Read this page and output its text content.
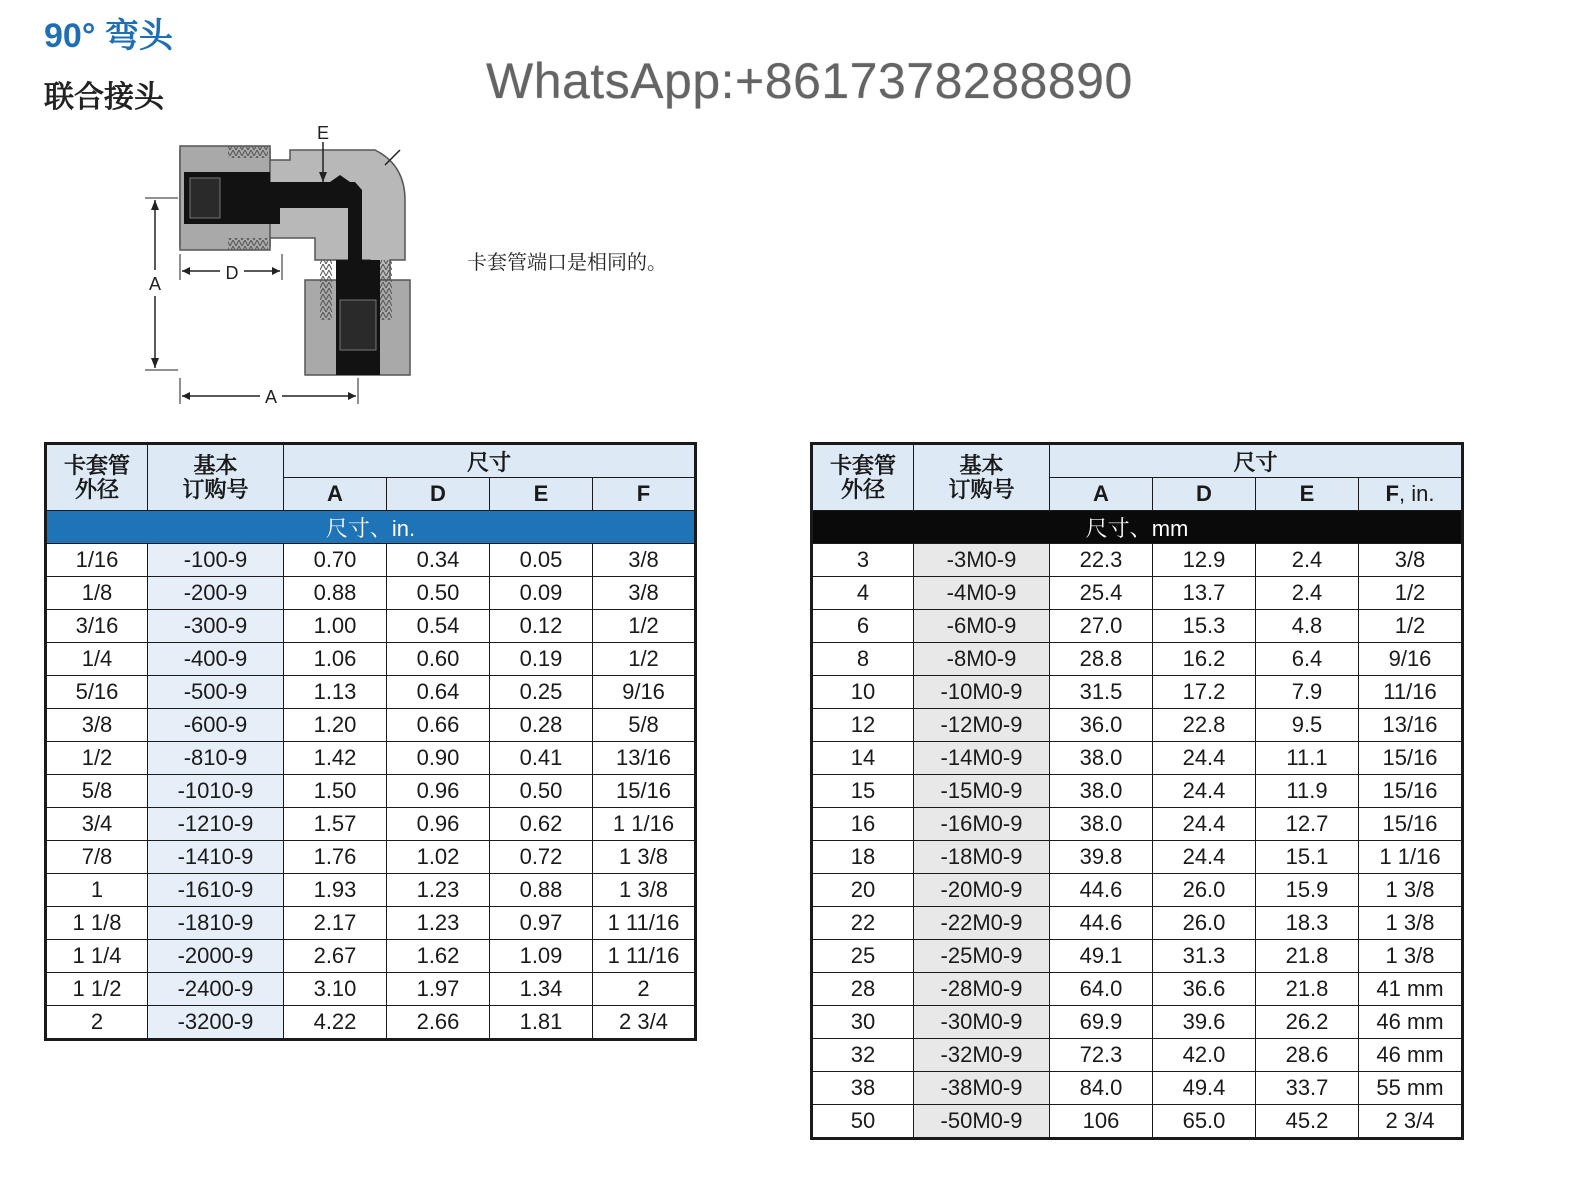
90° 弯头
联合接头	WhatsApp:+8617378288890
E
D
A
A
卡套管端口是相同的。
卡套管
外径	基本
订购号	尺寸			
		A	D	E	F
尺寸、in.					
1/16	-100-9	0.70	0.34	0.05	3/8
1/8	-200-9	0.88	0.50	0.09	3/8
3/16	-300-9	1.00	0.54	0.12	1/2
1/4	-400-9	1.06	0.60	0.19	1/2
5/16	-500-9	1.13	0.64	0.25	9/16
3/8	-600-9	1.20	0.66	0.28	5/8
1/2	-810-9	1.42	0.90	0.41	13/16
5/8	-1010-9	1.50	0.96	0.50	15/16
3/4	-1210-9	1.57	0.96	0.62	1 1/16
7/8	-1410-9	1.76	1.02	0.72	1 3/8
1	-1610-9	1.93	1.23	0.88	1 3/8
1 1/8	-1810-9	2.17	1.23	0.97	1 11/16
1 1/4	-2000-9	2.67	1.62	1.09	1 11/16
1 1/2	-2400-9	3.10	1.97	1.34	2
2	-3200-9	4.22	2.66	1.81	2 3/4
卡套管
外径	基本
订购号	尺寸			
		A	D	E	F, in.
尺寸、mm					
3	-3M0-9	22.3	12.9	2.4	3/8
4	-4M0-9	25.4	13.7	2.4	1/2
6	-6M0-9	27.0	15.3	4.8	1/2
8	-8M0-9	28.8	16.2	6.4	9/16
10	-10M0-9	31.5	17.2	7.9	11/16
12	-12M0-9	36.0	22.8	9.5	13/16
14	-14M0-9	38.0	24.4	11.1	15/16
15	-15M0-9	38.0	24.4	11.9	15/16
16	-16M0-9	38.0	24.4	12.7	15/16
18	-18M0-9	39.8	24.4	15.1	1 1/16
20	-20M0-9	44.6	26.0	15.9	1 3/8
22	-22M0-9	44.6	26.0	18.3	1 3/8
25	-25M0-9	49.1	31.3	21.8	1 3/8
28	-28M0-9	64.0	36.6	21.8	41 mm
30	-30M0-9	69.9	39.6	26.2	46 mm
32	-32M0-9	72.3	42.0	28.6	46 mm
38	-38M0-9	84.0	49.4	33.7	55 mm
50	-50M0-9	106	65.0	45.2	2 3/4
